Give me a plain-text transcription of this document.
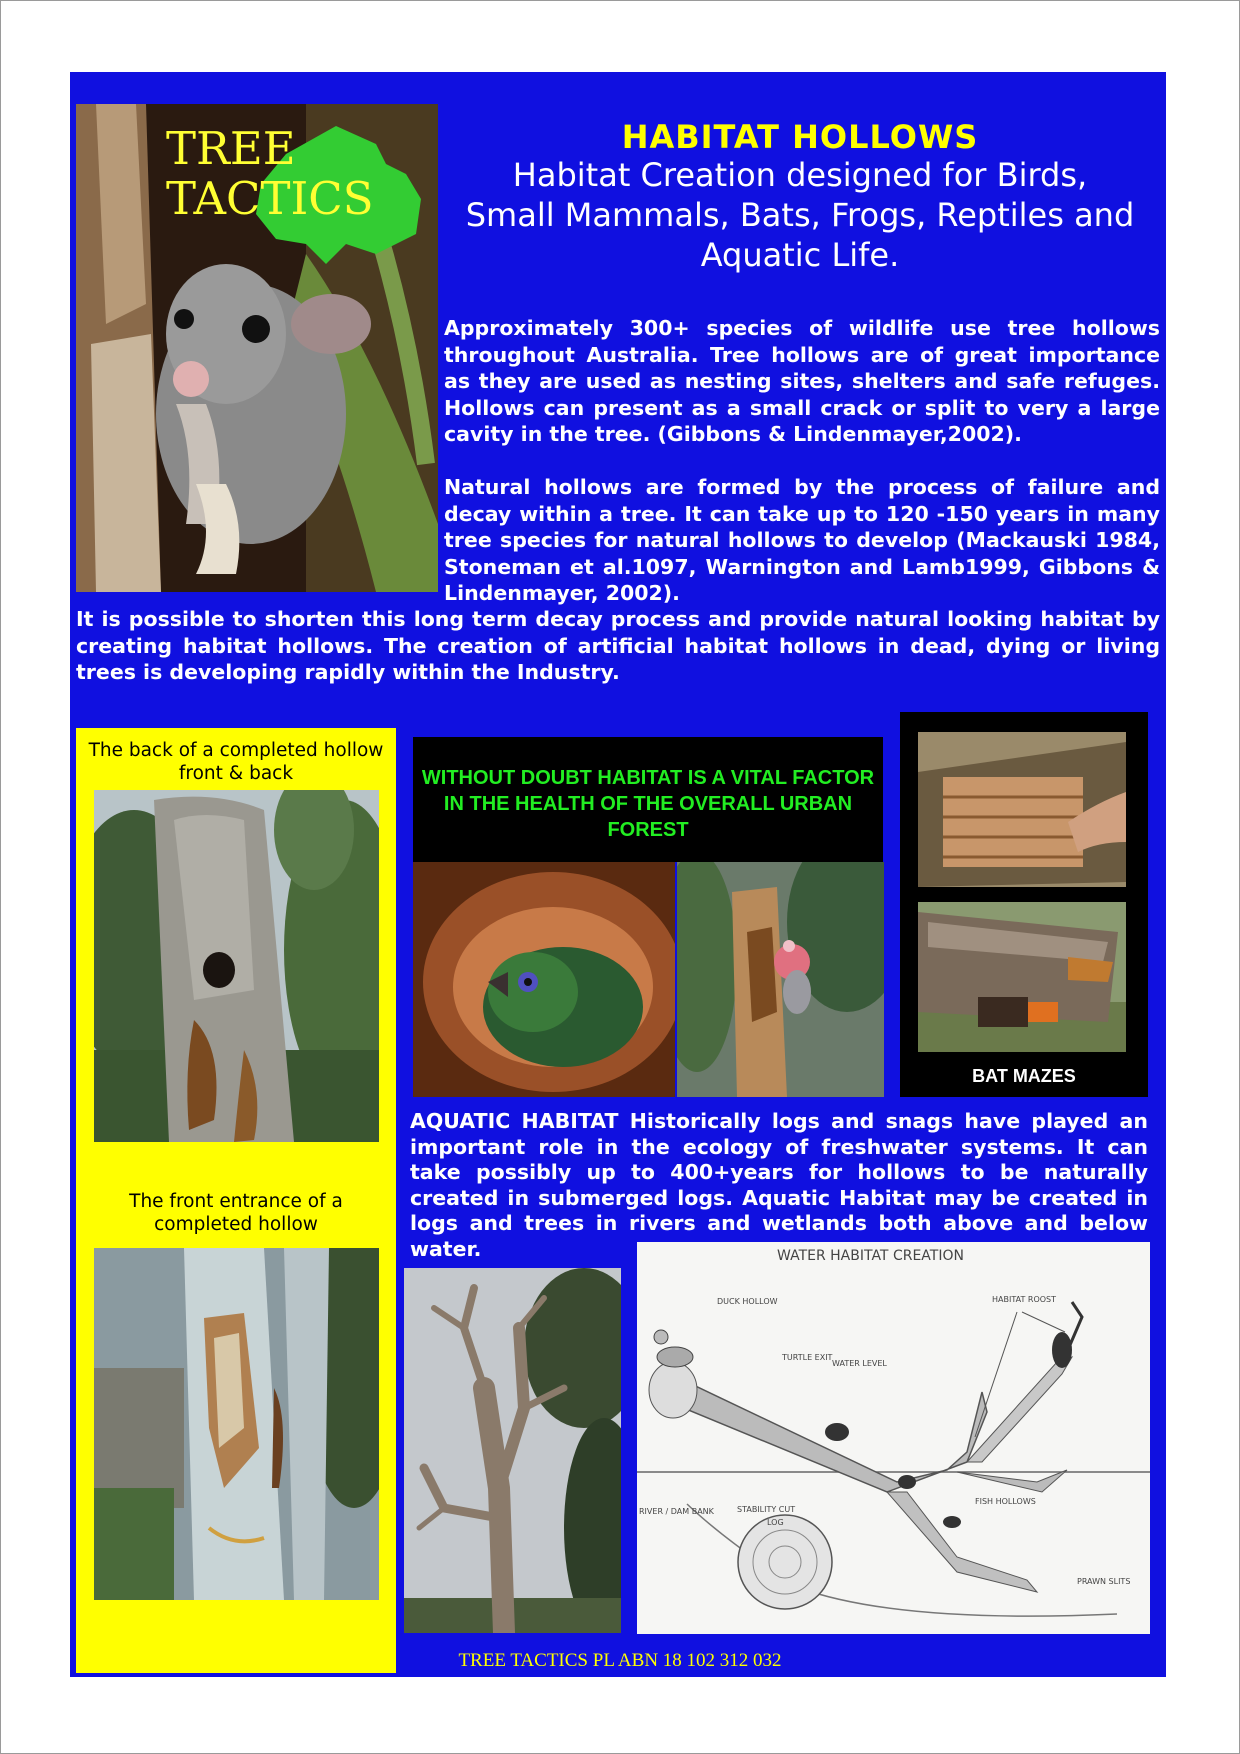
TREE
TACTICS
HABITAT HOLLOWS
Habitat Creation designed for Birds,
Small Mammals, Bats, Frogs, Reptiles and
Aquatic Life.
Approximately 300+ species of wildlife use tree hollows throughout Australia. Tree hollows are of great importance as they are used as nesting sites, shelters and safe refuges. Hollows can present as a small crack or split to very a large cavity in the tree. (Gibbons & Lindenmayer,2002).
Natural hollows are formed by the process of failure and decay within a tree. It can take up to 120 -150 years in many tree species for natural hollows to develop (Mackauski 1984, Stoneman et al.1097, Warnington and Lamb1999, Gibbons & Lindenmayer, 2002).
It is possible to shorten this long term decay process and provide natural looking habitat by creating habitat hollows. The creation of artificial habitat hollows in dead, dying or living trees is developing rapidly within the Industry.
The back of a completed hollow front & back
The front entrance of a completed hollow
WITHOUT DOUBT HABITAT IS A VITAL FACTOR IN THE HEALTH OF THE OVERALL URBAN FOREST
BAT MAZES
AQUATIC HABITAT Historically logs and snags have played an important role in the ecology of freshwater systems. It can take possibly up to 400+years for hollows to be naturally created in submerged logs. Aquatic Habitat may be created in logs and trees in rivers and wetlands both above and below water.	WATER HABITAT CREATION
DUCK HOLLOW	HABITAT ROOST
TURTLE EXIT
WATER LEVEL
FISH HOLLOWS
RIVER / DAM BANK	STABILITY CUT
LOG
PRAWN SLITS
TREE TACTICS PL ABN 18 102 312 032
